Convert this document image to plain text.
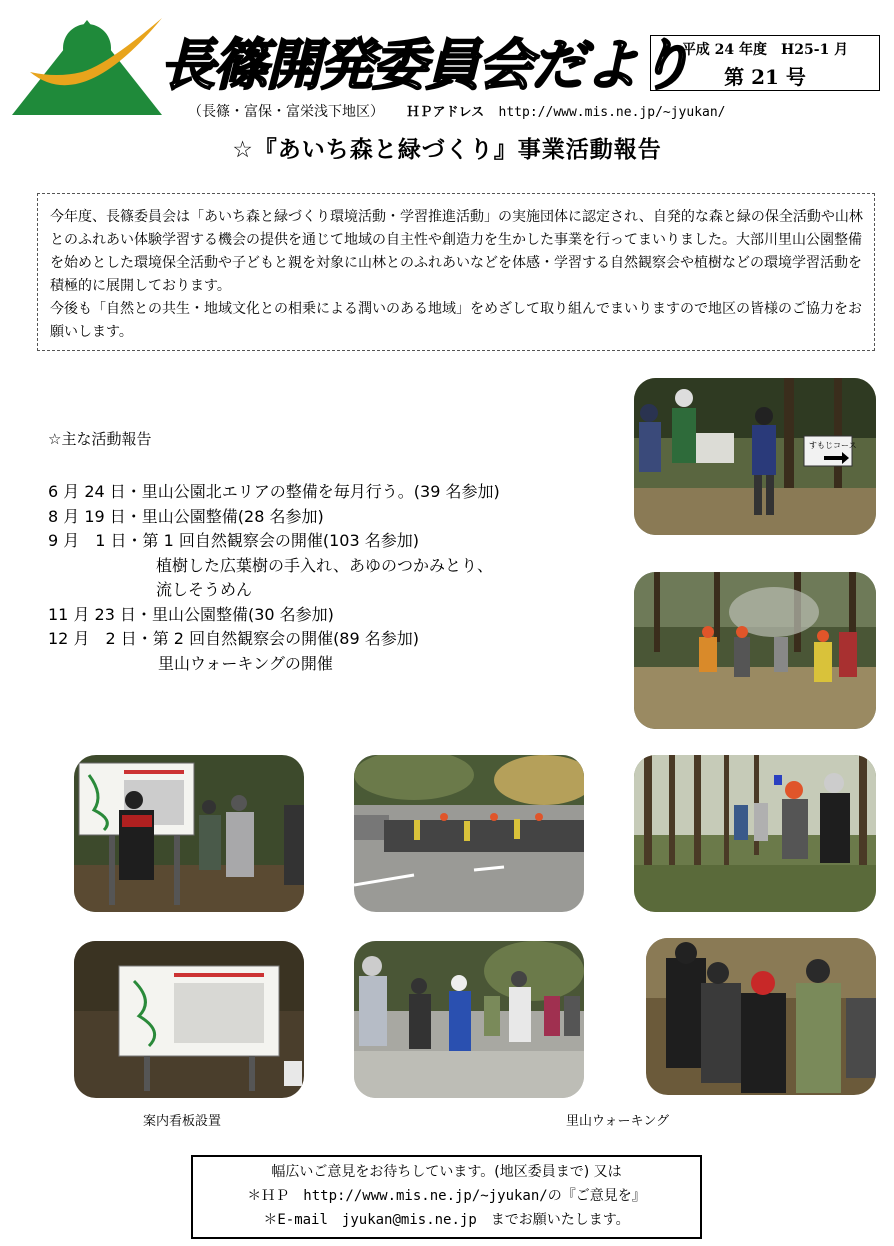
長篠開発委員会だより
（長篠・富保・富栄浅下地区） ＨＰアドレス http://www.mis.ne.jp/~jyukan/
平成 24 年度　H25-1 月
第 21 号
☆『あいち森と緑づくり』事業活動報告

今年度、長篠委員会は「あいち森と緑づくり環境活動・学習推進活動」の実施団体に認定され、自発的な森と緑の保全活動や山林とのふれあい体験学習する機会の提供を通じて地域の自主性や創造力を生かした事業を行ってまいりました。大部川里山公園整備を始めとした環境保全活動や子どもと親を対象に山林とのふれあいなどを体感・学習する自然観察会や植樹などの環境学習活動を積極的に展開しております。

今後も「自然との共生・地域文化との相乗による潤いのある地域」をめざして取り組んでまいりますので地区の皆様のご協力をお願いします。

☆主な活動報告
6 月 24 日・里山公園北エリアの整備を毎月行う。(39 名参加)
8 月 19 日・里山公園整備(28 名参加)
9 月　1 日・第 1 回自然観察会の開催(103 名参加)
植樹した広葉樹の手入れ、あゆのつかみとり、
流しそうめん
11 月 23 日・里山公園整備(30 名参加)
12 月　2 日・第 2 回自然観察会の開催(89 名参加)
里山ウォーキングの開催
すもじコース
案内看板設置	里山ウォーキング
幅広いご意見をお待ちしています。(地区委員まで) 又は
＊ＨＰ　http://www.mis.ne.jp/~jyukan/の『ご意見を』
＊E-mail　jyukan@mis.ne.jp　までお願いたします。
